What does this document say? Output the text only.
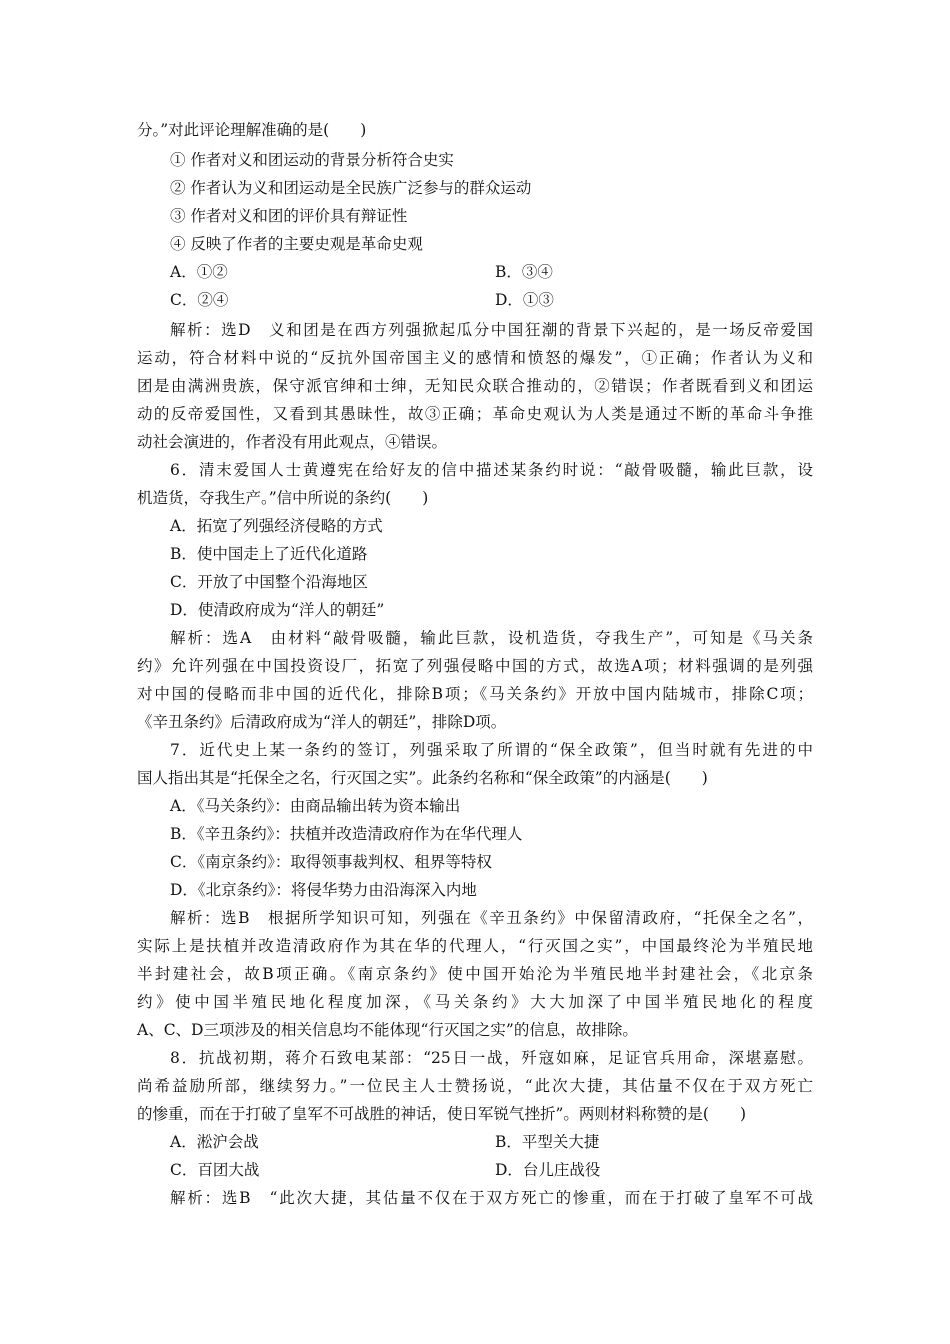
分。”对此评论理解准确的是(　　)
① 作者对义和团运动的背景分析符合史实
② 作者认为义和团运动是全民族广泛参与的群众运动
③ 作者对义和团的评价具有辩证性
④ 反映了作者的主要史观是革命史观
A．①②	B．③④
C．②④	D．①③
解析：选D　义和团是在西方列强掀起瓜分中国狂潮的背景下兴起的，是一场反帝爱国
运动，符合材料中说的“反抗外国帝国主义的感情和愤怒的爆发”，①正确；作者认为义和
团是由满洲贵族，保守派官绅和士绅，无知民众联合推动的，②错误；作者既看到义和团运
动的反帝爱国性，又看到其愚昧性，故③正确；革命史观认为人类是通过不断的革命斗争推
动社会演进的，作者没有用此观点，④错误。
6．清末爱国人士黄遵宪在给好友的信中描述某条约时说：“敲骨吸髓，输此巨款，设
机造货，夺我生产。”信中所说的条约(　　)
A．拓宽了列强经济侵略的方式
B．使中国走上了近代化道路
C．开放了中国整个沿海地区
D．使清政府成为“洋人的朝廷”
解析：选A　由材料“敲骨吸髓，输此巨款，设机造货，夺我生产”，可知是《马关条
约》允许列强在中国投资设厂，拓宽了列强侵略中国的方式，故选A项；材料强调的是列强
对中国的侵略而非中国的近代化，排除B项；《马关条约》开放中国内陆城市，排除C项；
《辛丑条约》后清政府成为“洋人的朝廷”，排除D项。
7．近代史上某一条约的签订，列强采取了所谓的“保全政策”，但当时就有先进的中
国人指出其是“托保全之名，行灭国之实”。此条约名称和“保全政策”的内涵是(　　)
A．《马关条约》：由商品输出转为资本输出
B．《辛丑条约》：扶植并改造清政府作为在华代理人
C．《南京条约》：取得领事裁判权、租界等特权
D．《北京条约》：将侵华势力由沿海深入内地
解析：选B　根据所学知识可知，列强在《辛丑条约》中保留清政府，“托保全之名”，
实际上是扶植并改造清政府作为其在华的代理人，“行灭国之实”，中国最终沦为半殖民地
半封建社会，故B项正确。《南京条约》使中国开始沦为半殖民地半封建社会，《北京条
约》使中国半殖民地化程度加深，《马关条约》大大加深了中国半殖民地化的程度
A、C、D三项涉及的相关信息均不能体现“行灭国之实”的信息，故排除。
8．抗战初期，蒋介石致电某部：“25日一战，歼寇如麻，足证官兵用命，深堪嘉慰。
尚希益励所部，继续努力。”一位民主人士赞扬说，“此次大捷，其估量不仅在于双方死亡
的惨重，而在于打破了皇军不可战胜的神话，使日军锐气挫折”。两则材料称赞的是(　　)
A．淞沪会战	B．平型关大捷
C．百团大战	D．台儿庄战役
解析：选B　“此次大捷，其估量不仅在于双方死亡的惨重，而在于打破了皇军不可战
